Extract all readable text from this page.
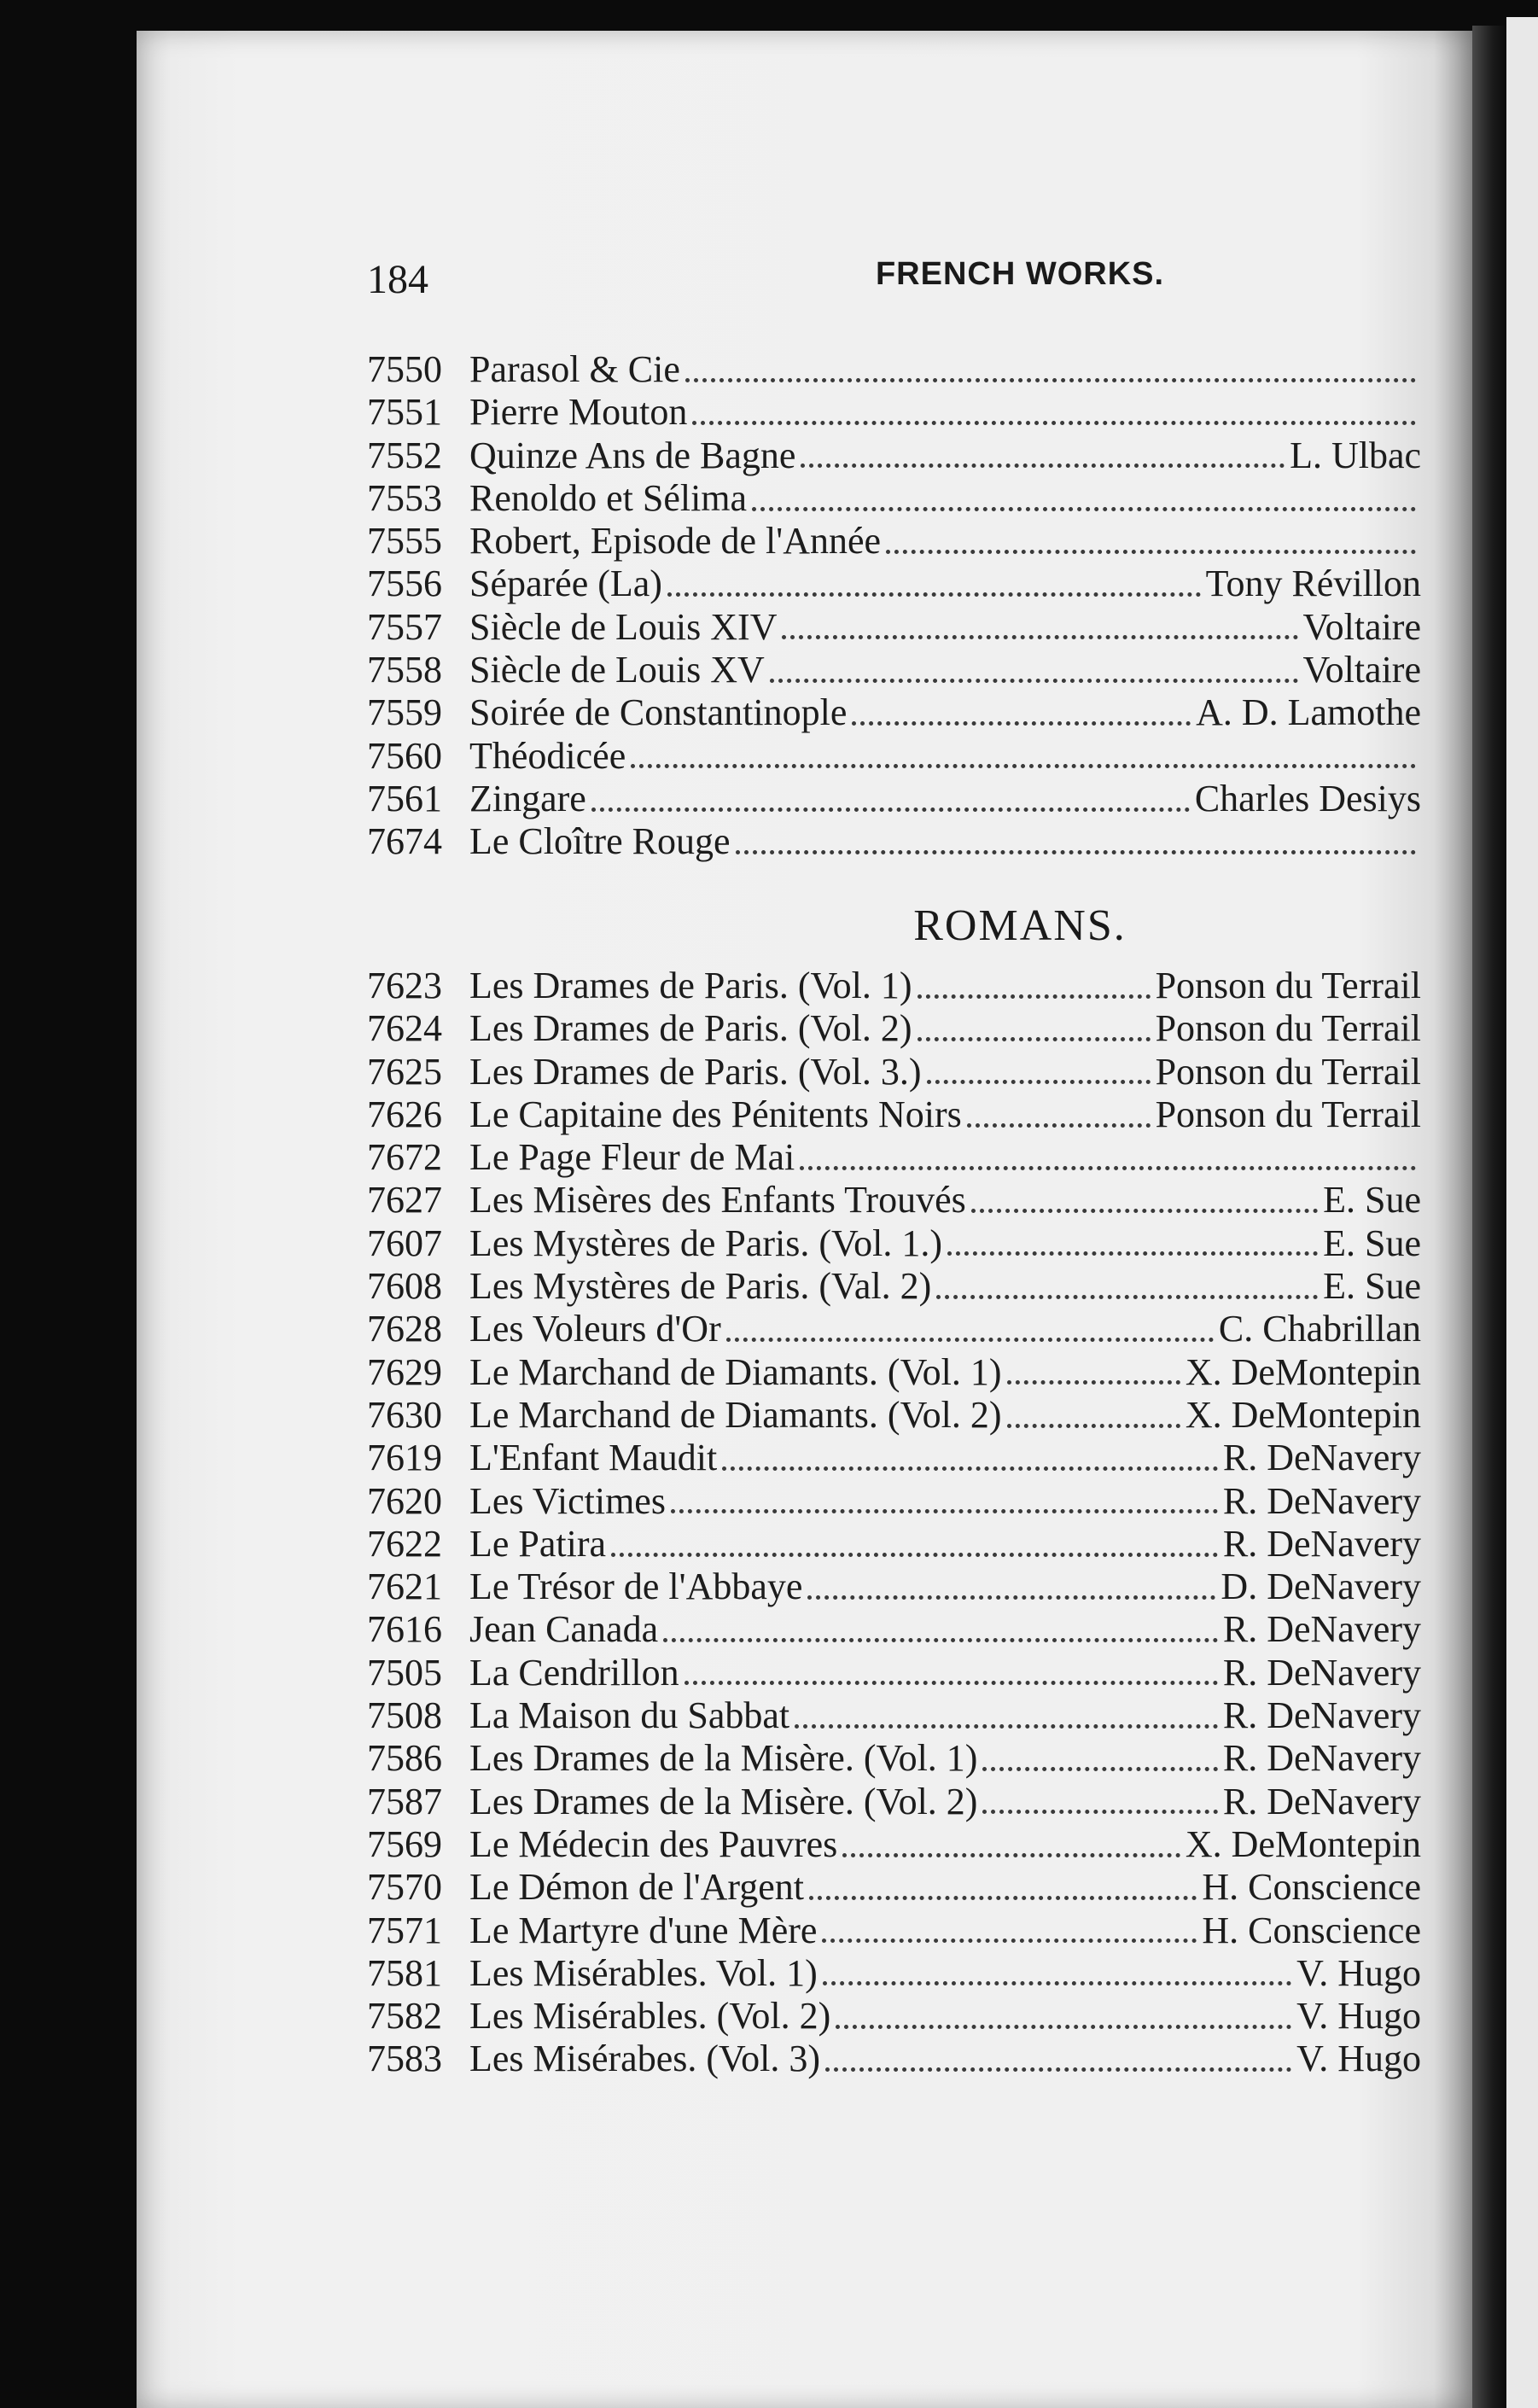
184	FRENCH WORKS.
7550 Parasol & Cie
7551 Pierre Mouton
7552 Quinze Ans de Bagne	L. Ulbac
7553 Renoldo et Sélima
7555 Robert, Episode de l'Année
7556 Séparée (La)	Tony Révillon
7557 Siècle de Louis XIV	Voltaire
7558 Siècle de Louis XV	Voltaire
7559 Soirée de Constantinople	A. D. Lamothe
7560 Théodicée
7561 Zingare	Charles Desiys
7674 Le Cloître Rouge
ROMANS.
7623 Les Drames de Paris. (Vol. 1)	Ponson du Terrail
7624 Les Drames de Paris. (Vol. 2)	Ponson du Terrail
7625 Les Drames de Paris. (Vol. 3.)	Ponson du Terrail
7626 Le Capitaine des Pénitents Noirs	Ponson du Terrail
7672 Le Page Fleur de Mai
7627 Les Misères des Enfants Trouvés	E. Sue
7607 Les Mystères de Paris. (Vol. 1.)	E. Sue
7608 Les Mystères de Paris. (Val. 2)	E. Sue
7628 Les Voleurs d'Or	C. Chabrillan
7629 Le Marchand de Diamants. (Vol. 1)	X. DeMontepin
7630 Le Marchand de Diamants. (Vol. 2)	X. DeMontepin
7619 L'Enfant Maudit	R. DeNavery
7620 Les Victimes	R. DeNavery
7622 Le Patira	R. DeNavery
7621 Le Trésor de l'Abbaye	D. DeNavery
7616 Jean Canada	R. DeNavery
7505 La Cendrillon	R. DeNavery
7508 La Maison du Sabbat	R. DeNavery
7586 Les Drames de la Misère. (Vol. 1)	R. DeNavery
7587 Les Drames de la Misère. (Vol. 2)	R. DeNavery
7569 Le Médecin des Pauvres	X. DeMontepin
7570 Le Démon de l'Argent	H. Conscience
7571 Le Martyre d'une Mère	H. Conscience
7581 Les Misérables. Vol. 1)	V. Hugo
7582 Les Misérables. (Vol. 2)	V. Hugo
7583 Les Misérabes. (Vol. 3)	V. Hugo
